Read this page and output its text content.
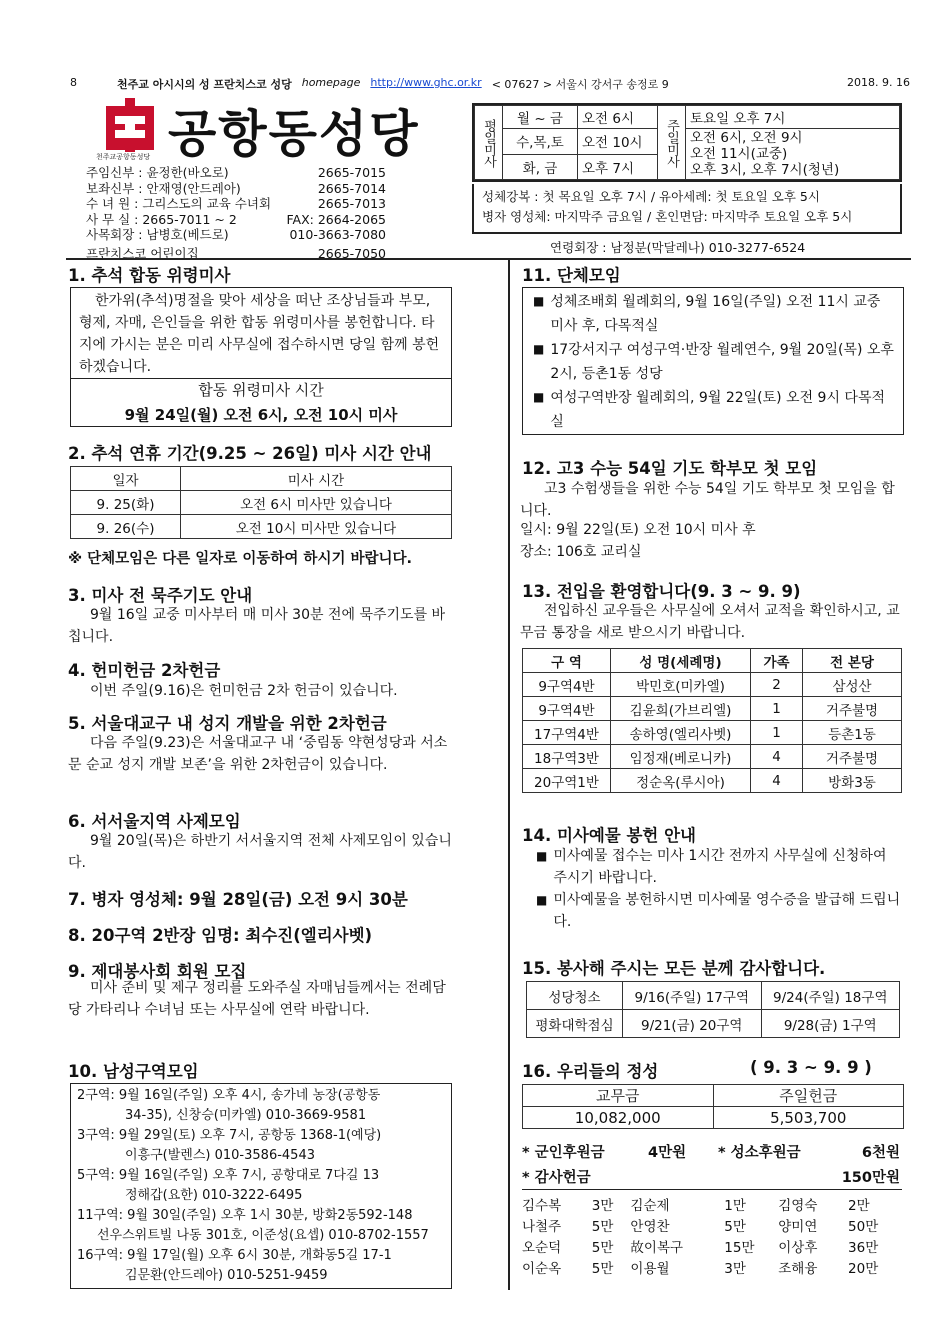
8	천주교 아시시의 성 프란치스코 성당 homepage http://www.ghc.or.kr < 07627 > 서울시 강서구 송정로 9	2018. 9. 16
천주교공항동성당 공항동성당
주임신부 : 윤정한(바오로)	2665-7015
보좌신부 : 안재영(안드레아)	2665-7014
수 녀 원 : 그리스도의 교육 수녀회	2665-7013
사 무 실 : 2665-7011 ~ 2	FAX: 2664-2065
사목회장 : 남병호(베드로)	010-3663-7080
프란치스코 어린이집	2665-7050
평일미사	월 ~ 금	오전 6시	주일미사	토요일 오후 7시
	수,목,토	오전 10시		오전 6시, 오전 9시
오전 11시(교중)
오후 3시, 오후 7시(청년)

	화, 금	오후 7시		
성체강복 : 첫 목요일 오후 7시 / 유아세례: 첫 토요일 오후 5시
병자 영성체: 마지막주 금요일 / 혼인면담: 마지막주 토요일 오후 5시
연령회장 : 남정분(막달레나) 010-3277-6524
1. 추석 합동 위령미사
한가위(추석)명절을 맞아 세상을 떠난 조상님들과 부모, 형제, 자매, 은인들을 위한 합동 위령미사를 봉헌합니다. 타지에 가시는 분은 미리 사무실에 접수하시면 당일 함께 봉헌하겠습니다.
합동 위령미사 시간
9월 24일(월) 오전 6시, 오전 10시 미사
2. 추석 연휴 기간(9.25 ~ 26일) 미사 시간 안내
일자	미사 시간
9. 25(화)	오전 6시 미사만 있습니다
9. 26(수)	오전 10시 미사만 있습니다
※ 단체모임은 다른 일자로 이동하여 하시기 바랍니다.
3. 미사 전 묵주기도 안내
9월 16일 교중 미사부터 매 미사 30분 전에 묵주기도를 바칩니다.
4. 헌미헌금 2차헌금
이번 주일(9.16)은 헌미헌금 2차 헌금이 있습니다.
5. 서울대교구 내 성지 개발을 위한 2차헌금
다음 주일(9.23)은 서울대교구 내 ‘중림동 약현성당과 서소문 순교 성지 개발 보존’을 위한 2차헌금이 있습니다.
6. 서서울지역 사제모임
9월 20일(목)은 하반기 서서울지역 전체 사제모임이 있습니다.
7. 병자 영성체: 9월 28일(금) 오전 9시 30분
8. 20구역 2반장 임명: 최수진(엘리사벳)
9. 제대봉사회 회원 모집
미사 준비 및 제구 정리를 도와주실 자매님들께서는 전례담당 가타리나 수녀님 또는 사무실에 연락 바랍니다.
10. 남성구역모임
2구역: 9월 16일(주일) 오후 4시, 송가네 농장(공항동
34-35), 신창승(미카엘) 010-3669-9581
3구역: 9월 29일(토) 오후 7시, 공항동 1368-1(예당)
이흥구(발렌스) 010-3586-4543
5구역: 9월 16일(주일) 오후 7시, 공항대로 7다길 13
정해갑(요한) 010-3222-6495
11구역: 9월 30일(주일) 오후 1시 30분, 방화2동592-148
선우스위트빌 나동 301호, 이준성(요셉) 010-8702-1557
16구역: 9월 17일(월) 오후 6시 30분, 개화동5길 17-1
김문환(안드레아) 010-5251-9459
11. 단체모임
■ 성체조배회 월례회의, 9월 16일(주일) 오전 11시 교중 미사 후, 다목적실
■ 17강서지구 여성구역·반장 월례연수, 9월 20일(목) 오후 2시, 등촌1동 성당
■ 여성구역반장 월례회의, 9월 22일(토) 오전 9시 다목적실
12. 고3 수능 54일 기도 학부모 첫 모임
고3 수험생들을 위한 수능 54일 기도 학부모 첫 모임을 합니다.
일시: 9월 22일(토) 오전 10시 미사 후
장소: 106호 교리실
13. 전입을 환영합니다(9. 3 ~ 9. 9)
전입하신 교우들은 사무실에 오셔서 교적을 확인하시고, 교무금 통장을 새로 받으시기 바랍니다.
구 역	성 명(세례명)	가족	전 본당
9구역4반	박민호(미카엘)	2	삼성산
9구역4반	김윤희(가브리엘)	1	거주불명
17구역4반	송하영(엘리사벳)	1	등촌1동
18구역3반	임정재(베로니카)	4	거주불명
20구역1반	정순옥(루시아)	4	방화3동
14. 미사예물 봉헌 안내
■ 미사예물 접수는 미사 1시간 전까지 사무실에 신청하여 주시기 바랍니다.
■ 미사예물을 봉헌하시면 미사예물 영수증을 발급해 드립니다.
15. 봉사해 주시는 모든 분께 감사합니다.
성당청소	9/16(주일) 17구역	9/24(주일) 18구역
평화대학점심	9/21(금) 20구역	9/28(금) 1구역
16. 우리들의 정성	( 9. 3 ~ 9. 9 )
교무금	주일헌금
10,082,000	5,503,700
* 군인후원금	4만원 * 성소후원금	6천원
* 감사헌금	150만원
김수복	3만	김순제	1만	김영숙	2만
나철주	5만	안영찬	5만	양미연	50만
오순덕	5만	故이복구	15만	이상후	36만
이순옥	5만	이용월	3만	조해융	20만
